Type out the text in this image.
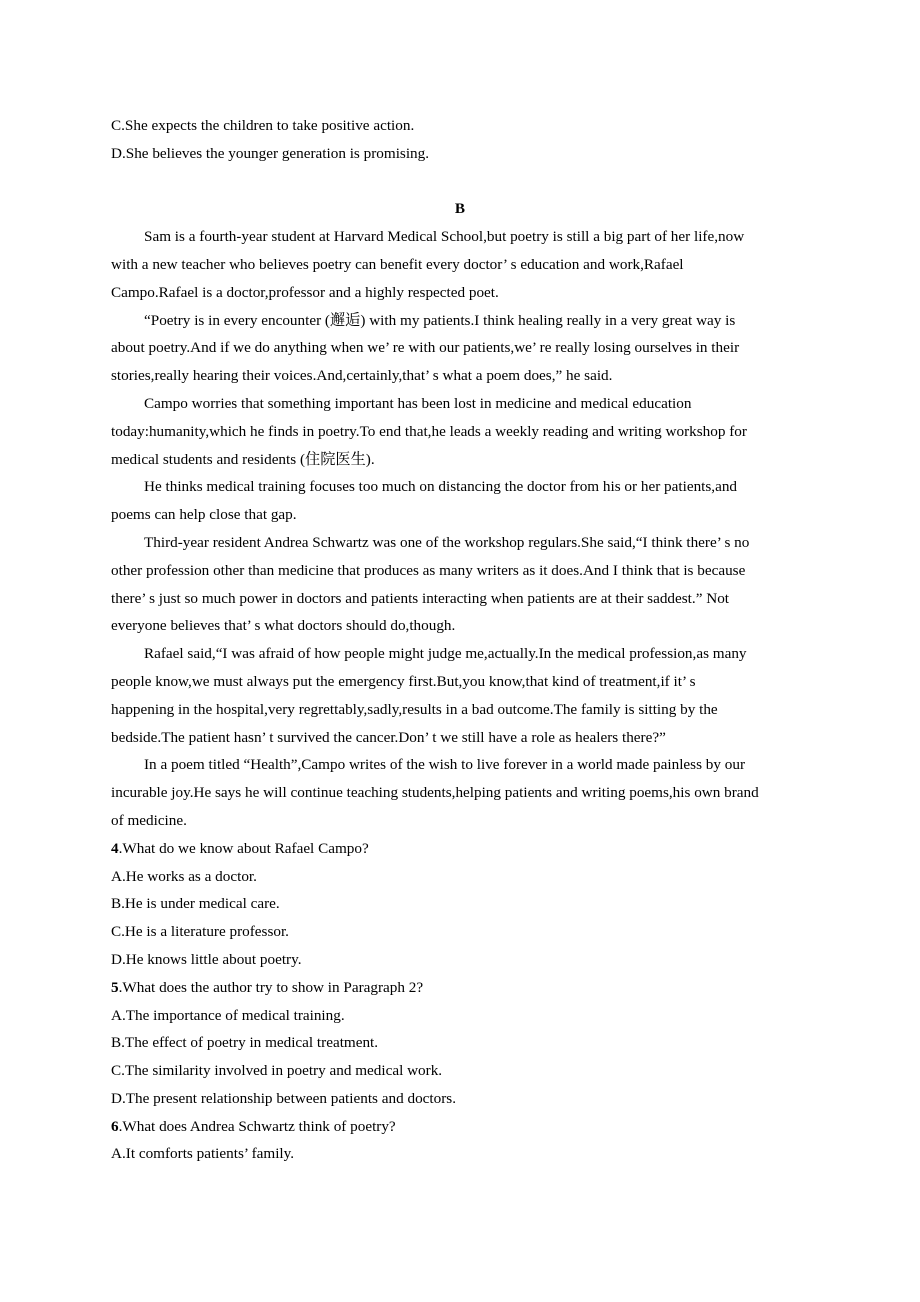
C.She expects the children to take positive action.
D.She believes the younger generation is promising.
B
Sam is a fourth-year student at Harvard Medical School,but poetry is still a big part of her life,now
with a new teacher who believes poetry can benefit every doctor’ s education and work,Rafael
Campo.Rafael is a doctor,professor and a highly respected poet.
“Poetry is in every encounter (邂逅) with my patients.I think healing really in a very great way is
about poetry.And if we do anything when we’ re with our patients,we’ re really losing ourselves in their
stories,really hearing their voices.And,certainly,that’ s what a poem does,” he said.
Campo worries that something important has been lost in medicine and medical education
today:humanity,which he finds in poetry.To end that,he leads a weekly reading and writing workshop for
medical students and residents (住院医生).
He thinks medical training focuses too much on distancing the doctor from his or her patients,and
poems can help close that gap.
Third-year resident Andrea Schwartz was one of the workshop regulars.She said,“I think there’ s no
other profession other than medicine that produces as many writers as it does.And I think that is because
there’ s just so much power in doctors and patients interacting when patients are at their saddest.” Not
everyone believes that’ s what doctors should do,though.
Rafael said,“I was afraid of how people might judge me,actually.In the medical profession,as many
people know,we must always put the emergency first.But,you know,that kind of treatment,if it’ s
happening in the hospital,very regrettably,sadly,results in a bad outcome.The family is sitting by the
bedside.The patient hasn’ t survived the cancer.Don’ t we still have a role as healers there?”
In a poem titled “Health”,Campo writes of the wish to live forever in a world made painless by our
incurable joy.He says he will continue teaching students,helping patients and writing poems,his own brand
of medicine.
4.What do we know about Rafael Campo?
A.He works as a doctor.
B.He is under medical care.
C.He is a literature professor.
D.He knows little about poetry.
5.What does the author try to show in Paragraph 2?
A.The importance of medical training.
B.The effect of poetry in medical treatment.
C.The similarity involved in poetry and medical work.
D.The present relationship between patients and doctors.
6.What does Andrea Schwartz think of poetry?
A.It comforts patients’ family.
